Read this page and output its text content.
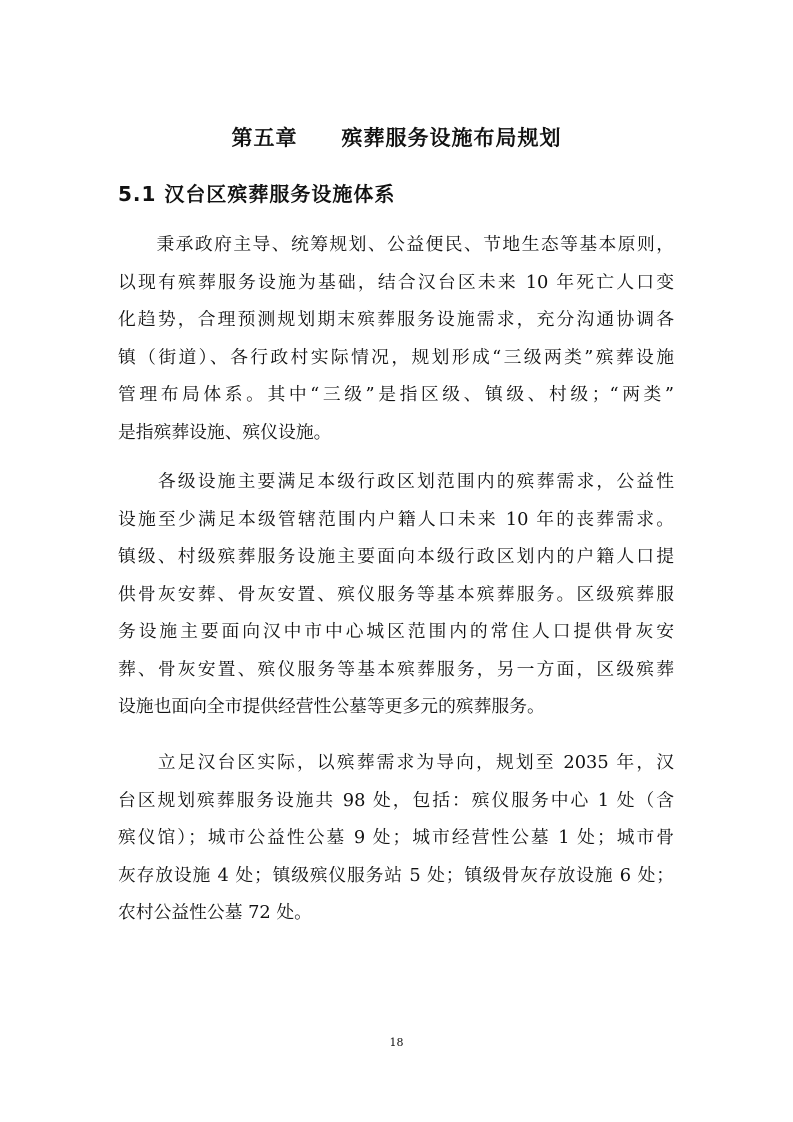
第五章 殡葬服务设施布局规划
5.1 汉台区殡葬服务设施体系
　　秉承政府主导、统筹规划、公益便民、节地生态等基本原则，
以现有殡葬服务设施为基础，结合汉台区未来 10 年死亡人口变
化趋势，合理预测规划期末殡葬服务设施需求，充分沟通协调各
镇（街道）、各行政村实际情况，规划形成“三级两类”殡葬设施
管理布局体系。其中“三级”是指区级、镇级、村级；“两类”
是指殡葬设施、殡仪设施。
　　各级设施主要满足本级行政区划范围内的殡葬需求，公益性
设施至少满足本级管辖范围内户籍人口未来 10 年的丧葬需求。
镇级、村级殡葬服务设施主要面向本级行政区划内的户籍人口提
供骨灰安葬、骨灰安置、殡仪服务等基本殡葬服务。区级殡葬服
务设施主要面向汉中市中心城区范围内的常住人口提供骨灰安
葬、骨灰安置、殡仪服务等基本殡葬服务，另一方面，区级殡葬
设施也面向全市提供经营性公墓等更多元的殡葬服务。
　　立足汉台区实际，以殡葬需求为导向，规划至 2035 年，汉
台区规划殡葬服务设施共 98 处，包括：殡仪服务中心 1 处（含
殡仪馆）；城市公益性公墓 9 处；城市经营性公墓 1 处；城市骨
灰存放设施 4 处；镇级殡仪服务站 5 处；镇级骨灰存放设施 6 处；
农村公益性公墓 72 处。
18
